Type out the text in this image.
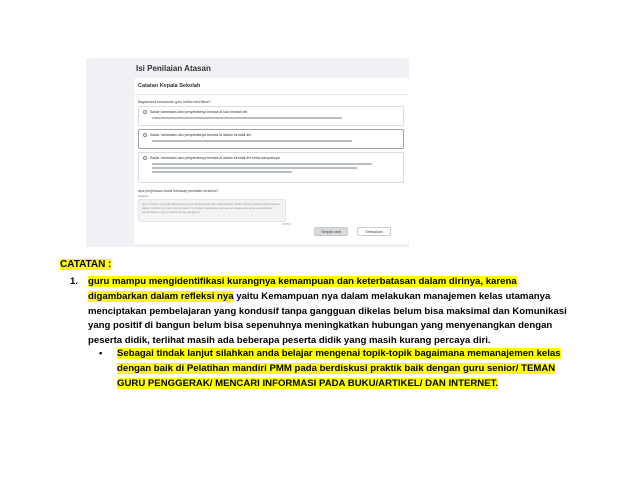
Isi Penilaian Atasan
Catatan Kepala Sekolah
Bagaimana kesadaran guru ketika berefleksi?
Sadar hambatan dan penyebabnya berada di luar kendali diri
Sadar hambatan dan penyebabnya berada di dalam kendali diri
Sadar hambatan dan penyebabnya berada di dalam kendali diri serta dampaknya
Apa penjelasan Anda terhadap penilaian tersebut?
Catatan
guru mampu mengidentifikasi kurangnya kemampuan dan keterbatasan dalam dirinya, karena digambarkan dalam refleksi nya yaitu Kemampuan nya dalam melakukan manajemen kelas utamanya menciptakan pembelajaran yang kondusif tanpa gangguan
357/500
Simpan draf	Selesaikan
CATATAN :
1. guru mampu mengidentifikasi kurangnya kemampuan dan keterbatasan dalam dirinya, karena digambarkan dalam refleksi nya yaitu Kemampuan nya dalam melakukan manajemen kelas utamanya menciptakan pembelajaran yang kondusif tanpa gangguan dikelas belum bisa maksimal dan Komunikasi yang positif di bangun belum bisa sepenuhnya meningkatkan hubungan yang menyenangkan dengan peserta didik, terlihat masih ada beberapa peserta didik yang masih kurang percaya diri.
• Sebagai tindak lanjut silahkan anda belajar mengenai topik-topik bagaimana memanajemen kelas dengan baik di Pelatihan mandiri PMM pada berdiskusi praktik baik dengan guru senior/ TEMAN GURU PENGGERAK/ MENCARI INFORMASI PADA BUKU/ARTIKEL/ DAN INTERNET.
